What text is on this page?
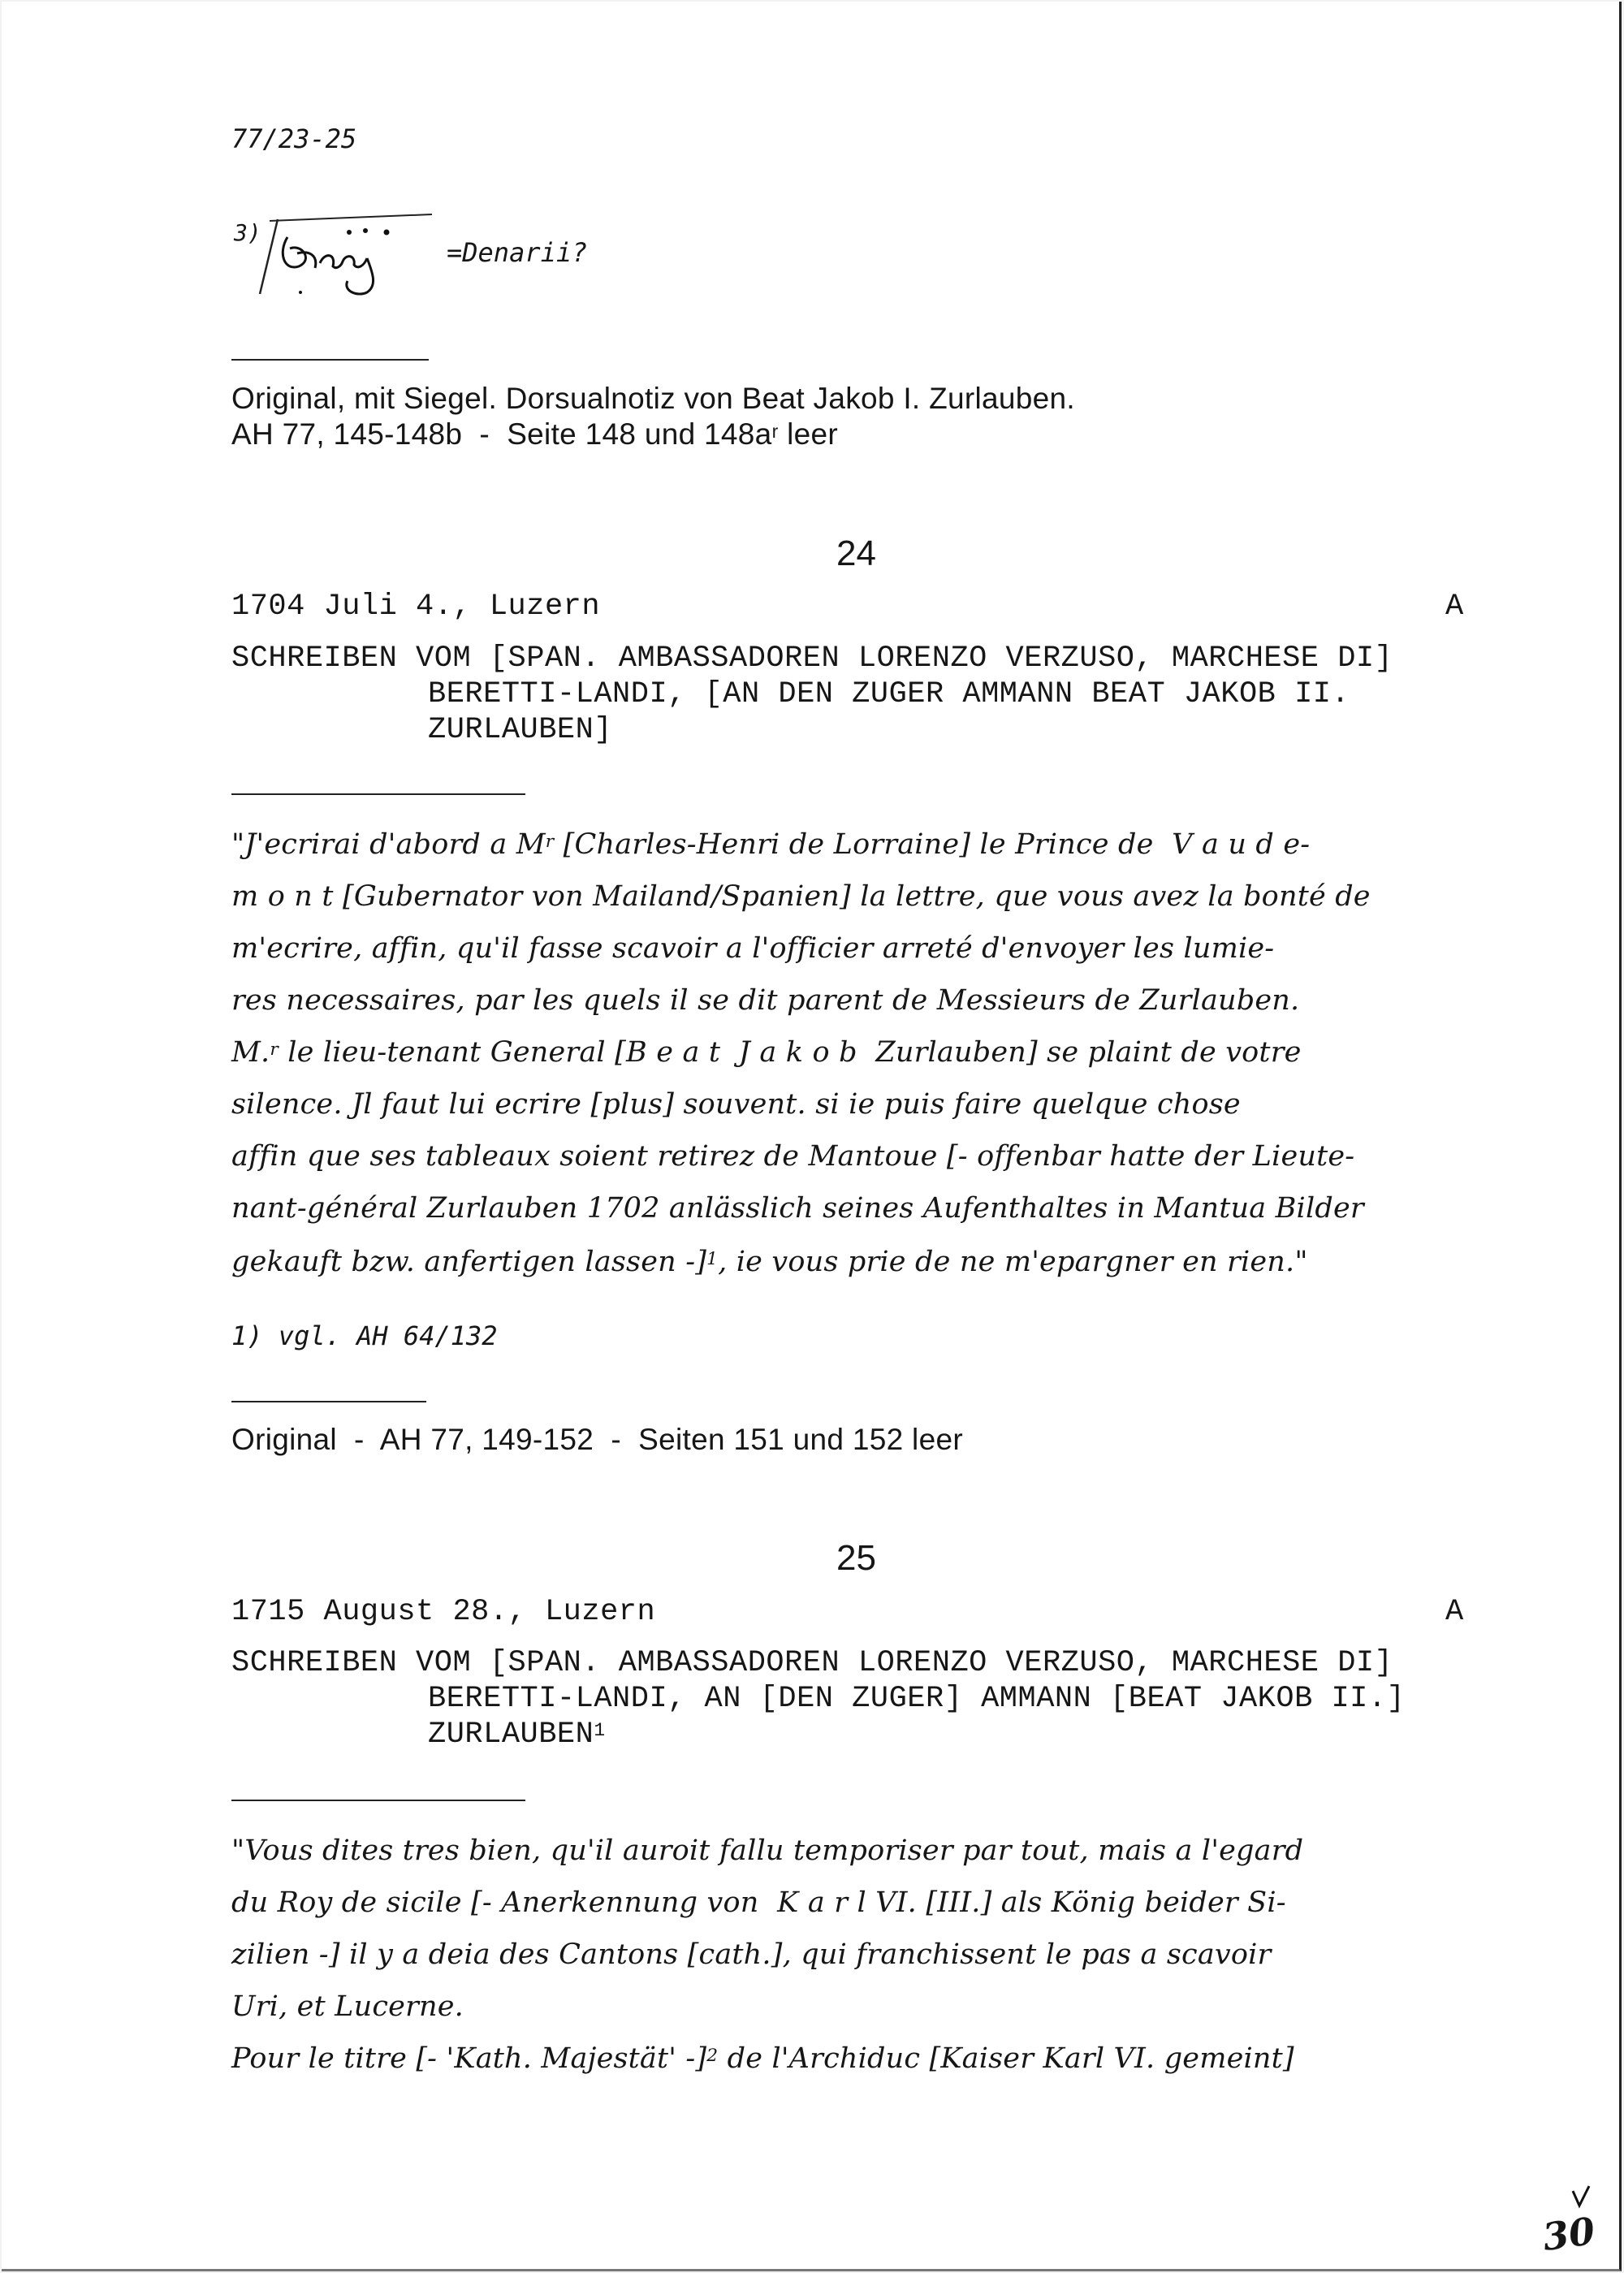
77/23-25
3)
=Denarii?
Original, mit Siegel. Dorsualnotiz von Beat Jakob I. Zurlauben.
AH 77, 145-148b  -  Seite 148 und $148a^r$ leer
24
1704 Juli 4., Luzern	A
SCHREIBEN VOM [SPAN. AMBASSADOREN LORENZO VERZUSO, MARCHESE DI]
BERETTI-LANDI, [AN DEN ZUGER AMMANN BEAT JAKOB II.
ZURLAUBEN]
"J'ecrirai d'abord a $M^r$ [Charles-Henri de Lorraine] le Prince de  V a u d e-
m o n t [Gubernator von Mailand/Spanien] la lettre, que vous avez la bonté de
m'ecrire, affin, qu'il fasse scavoir a l'officier arreté d'envoyer les lumie-
res necessaires, par les quels il se dit parent de Messieurs de Zurlauben.
M.$^r$ le lieu-tenant General [B e a t  J a k o b  Zurlauben] se plaint de votre
silence. Jl faut lui ecrire [plus] souvent. si ie puis faire quelque chose
affin que ses tableaux soient retirez de Mantoue [- offenbar hatte der Lieute-
nant-général Zurlauben 1702 anlässlich seines Aufenthaltes in Mantua Bilder
gekauft bzw. anfertigen lassen -]$^1$, ie vous prie de ne m'epargner en rien."
1) vgl. AH 64/132
Original  -  AH 77, 149-152  -  Seiten 151 und 152 leer
25
1715 August 28., Luzern	A
SCHREIBEN VOM [SPAN. AMBASSADOREN LORENZO VERZUSO, MARCHESE DI]
BERETTI-LANDI, AN [DEN ZUGER] AMMANN [BEAT JAKOB II.]
ZURLAUBEN$^1$
"Vous dites tres bien, qu'il auroit fallu temporiser par tout, mais a l'egard
du Roy de sicile [- Anerkennung von  K a r l VI. [III.] als König beider Si-
zilien -] il y a deia des Cantons [cath.], qui franchissent le pas a scavoir
Uri, et Lucerne.
Pour le titre [- 'Kath. Majestät' -]$^2$ de l'Archiduc [Kaiser Karl VI. gemeint]
30
